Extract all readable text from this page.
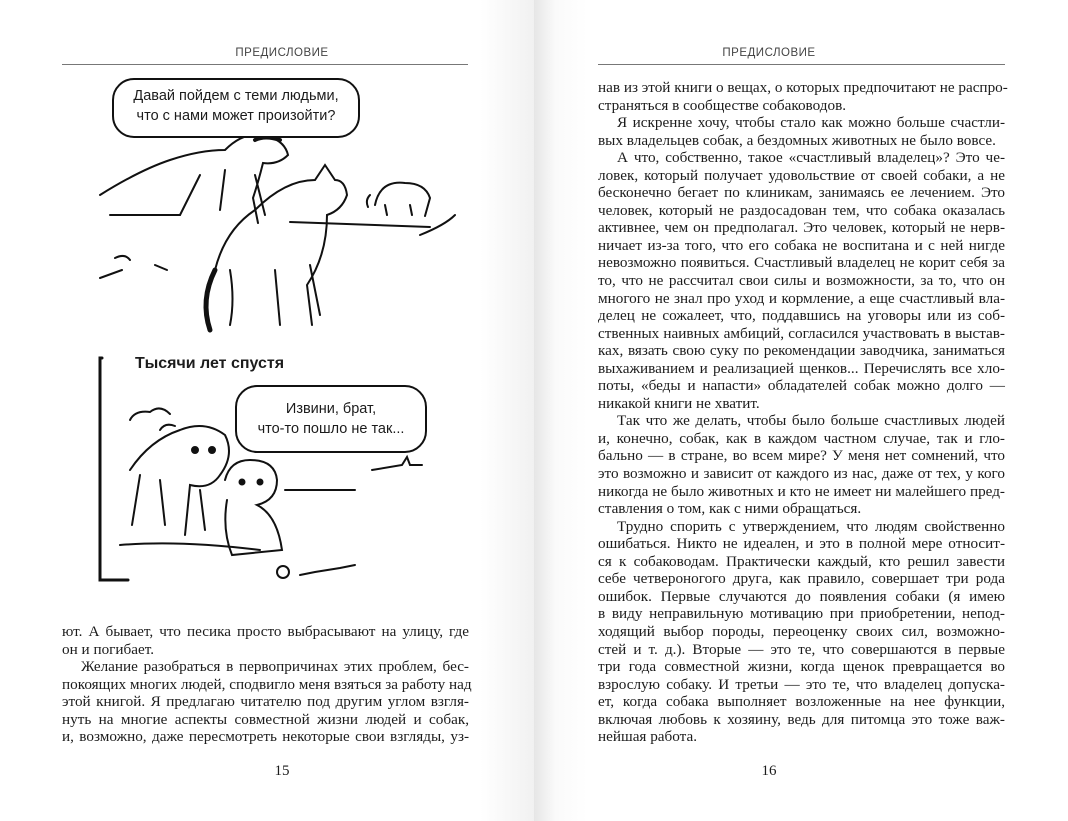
ПРЕДИСЛОВИЕ
Давай пойдем с теми людьми,
что с нами может произойти?
Тысячи лет спустя
Извини, брат,
что-то пошло не так...
ют. А бывает, что песика просто выбрасывают на улицу, где
он и погибает.
Желание разобраться в первопричинах этих проблем, бес-
покоящих многих людей, сподвигло меня взяться за работу над
этой книгой. Я предлагаю читателю под другим углом взгля-
нуть на многие аспекты совместной жизни людей и собак,
и, возможно, даже пересмотреть некоторые свои взгляды, уз-
15
ПРЕДИСЛОВИЕ
нав из этой книги о вещах, о которых предпочитают не распро-
страняться в сообществе собаководов.
Я искренне хочу, чтобы стало как можно больше счастли-
вых владельцев собак, а бездомных животных не было вовсе.
А что, собственно, такое «счастливый владелец»? Это че-
ловек, который получает удовольствие от своей собаки, а не
бесконечно бегает по клиникам, занимаясь ее лечением. Это
человек, который не раздосадован тем, что собака оказалась
активнее, чем он предполагал. Это человек, который не нерв-
ничает из-за того, что его собака не воспитана и с ней нигде
невозможно появиться. Счастливый владелец не корит себя за
то, что не рассчитал свои силы и возможности, за то, что он
многого не знал про уход и кормление, а еще счастливый вла-
делец не сожалеет, что, поддавшись на уговоры или из соб-
ственных наивных амбиций, согласился участвовать в выстав-
ках, вязать свою суку по рекомендации заводчика, заниматься
выхаживанием и реализацией щенков... Перечислять все хло-
поты, «беды и напасти» обладателей собак можно долго —
никакой книги не хватит.
Так что же делать, чтобы было больше счастливых людей
и, конечно, собак, как в каждом частном случае, так и гло-
бально — в стране, во всем мире? У меня нет сомнений, что
это возможно и зависит от каждого из нас, даже от тех, у кого
никогда не было животных и кто не имеет ни малейшего пред-
ставления о том, как с ними обращаться.
Трудно спорить с утверждением, что людям свойственно
ошибаться. Никто не идеален, и это в полной мере относит-
ся к собаководам. Практически каждый, кто решил завести
себе четвероногого друга, как правило, совершает три рода
ошибок. Первые случаются до появления собаки (я имею
в виду неправильную мотивацию при приобретении, непод-
ходящий выбор породы, переоценку своих сил, возможно-
стей и т. д.). Вторые — это те, что совершаются в первые
три года совместной жизни, когда щенок превращается во
взрослую собаку. И третьи — это те, что владелец допуска-
ет, когда собака выполняет возложенные на нее функции,
включая любовь к хозяину, ведь для питомца это тоже важ-
нейшая работа.
16
